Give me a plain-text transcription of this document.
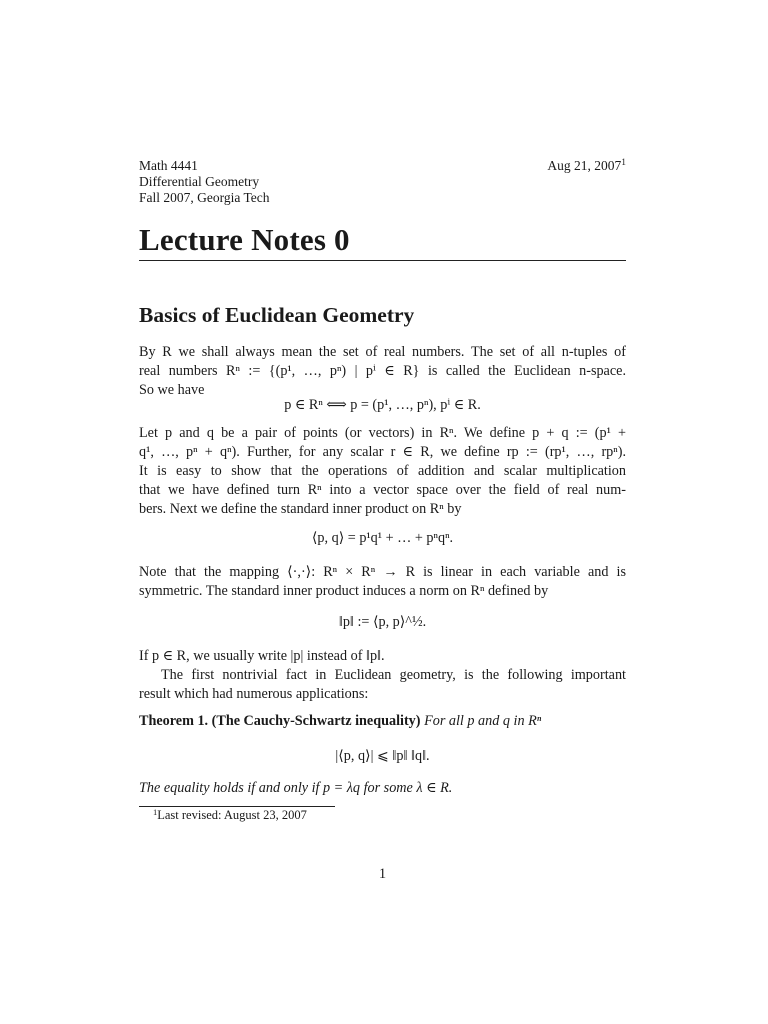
Math 4441
Differential Geometry
Fall 2007, Georgia Tech
Aug 21, 2007$^1$
Lecture Notes 0
Basics of Euclidean Geometry
By R we shall always mean the set of real numbers. The set of all n-tuples of
real numbers Rⁿ := {(p¹, …, pⁿ) | pⁱ ∈ R} is called the Euclidean n-space.
So we have
p ∈ Rⁿ ⟺ p = (p¹, …, pⁿ), pⁱ ∈ R.
Let p and q be a pair of points (or vectors) in Rⁿ. We define p + q := (p¹ +
q¹, …, pⁿ + qⁿ). Further, for any scalar r ∈ R, we define rp := (rp¹, …, rpⁿ).
It is easy to show that the operations of addition and scalar multiplication
that we have defined turn Rⁿ into a vector space over the field of real num-
bers. Next we define the standard inner product on Rⁿ by
⟨p, q⟩ = p¹q¹ + … + pⁿqⁿ.
Note that the mapping ⟨·,·⟩: Rⁿ × Rⁿ → R is linear in each variable and is
symmetric. The standard inner product induces a norm on Rⁿ defined by
‖p‖ := ⟨p, p⟩^½.
If p ∈ R, we usually write |p| instead of ‖p‖.
The first nontrivial fact in Euclidean geometry, is the following important
result which had numerous applications:
Theorem 1. (The Cauchy-Schwartz inequality) For all p and q in Rⁿ
|⟨p, q⟩| ⩽ ‖p‖ ‖q‖.
The equality holds if and only if p = λq for some λ ∈ R.
$^1$Last revised: August 23, 2007
1
